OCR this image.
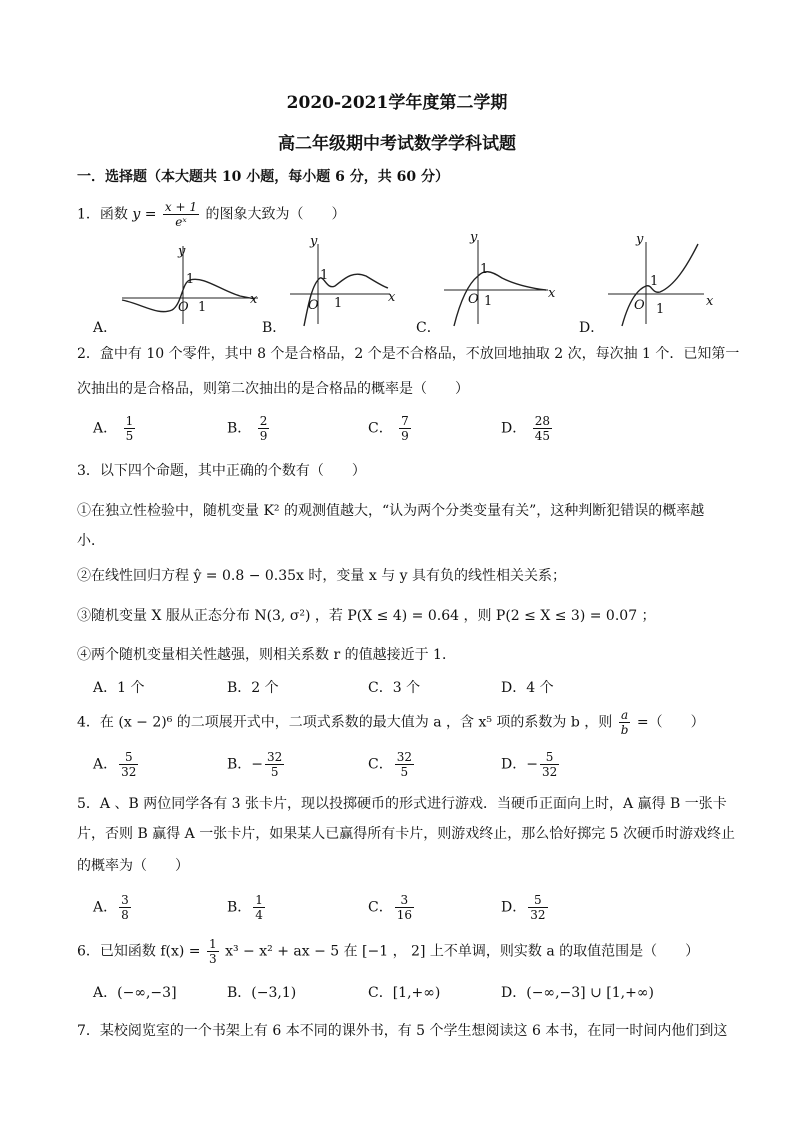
2020-2021学年度第二学期
高二年级期中考试数学学科试题
一．选择题（本大题共 10 小题，每小题 6 分，共 60 分）
1．函数 $y = \frac{x + 1}{\text{eˣ}}$ 的图象大致为（　　）
y
1
x
O 1
y
1
x
O 1
y
1
x
O 1
y
1
x
O 1
A．	B．	C．	D．
2．盒中有 10 个零件，其中 8 个是合格品，2 个是不合格品，不放回地抽取 2 次，每次抽 1 个．已知第一
次抽出的是合格品，则第二次抽出的是合格品的概率是（　　）
A． $\frac{1}{5}$	B． $\frac{2}{9}$	C． $\frac{7}{9}$	D． $\frac{28}{45}$
3．以下四个命题，其中正确的个数有（　　）
①在独立性检验中，随机变量 K² 的观测值越大，“认为两个分类变量有关”，这种判断犯错误的概率越
小．
②在线性回归方程 ŷ = 0.8 − 0.35x 时，变量 x 与 y 具有负的线性相关关系；
③随机变量 X 服从正态分布 N(3, σ²) ，若 P(X ≤ 4) = 0.64 ，则 P(2 ≤ X ≤ 3) = 0.07 ；
④两个随机变量相关性越强，则相关系数 r 的值越接近于 1．
A．1 个	B．2 个	C．3 个	D．4 个
4．在 (x − 2)⁶ 的二项展开式中，二项式系数的最大值为 a ，含 x⁵ 项的系数为 b ，则 $\frac{a}{b}$ =（　　）
A． $\frac{5}{32}$	B．− $\frac{32}{5}$	C． $\frac{32}{5}$	D．− $\frac{5}{32}$
5．A 、B 两位同学各有 3 张卡片，现以投掷硬币的形式进行游戏．当硬币正面向上时，A 赢得 B 一张卡
片，否则 B 赢得 A 一张卡片，如果某人已赢得所有卡片，则游戏终止，那么恰好掷完 5 次硬币时游戏终止
的概率为（　　）
A． $\frac{3}{8}$	B． $\frac{1}{4}$	C． $\frac{3}{16}$	D． $\frac{5}{32}$
6．已知函数 $f(x) = \frac{1}{3} x^3 - x^2$ + ax − 5 在 [−1 ， 2] 上不单调，则实数 a 的取值范围是（　　）
A．(−∞,−3]	B．(−3,1)	C．[1,+∞)	D．(−∞,−3] ∪ [1,+∞)
7．某校阅览室的一个书架上有 6 本不同的课外书，有 5 个学生想阅读这 6 本书，在同一时间内他们到这
